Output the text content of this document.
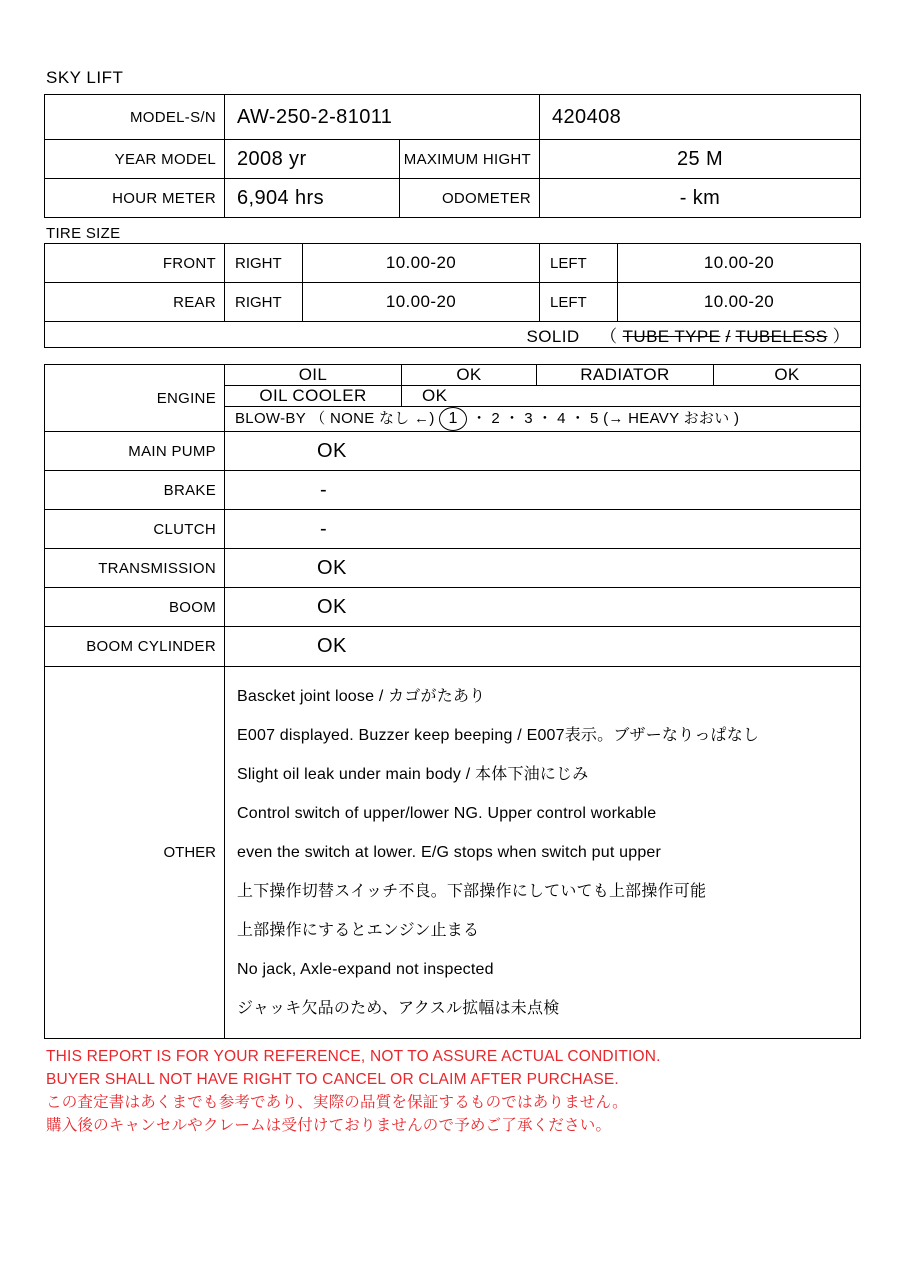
SKY LIFT
MODEL-S/N	AW-250-2-81011		420408
YEAR MODEL	2008 yr	MAXIMUM HIGHT	25 M
HOUR METER	6,904 hrs	ODOMETER	- km
TIRE SIZE
FRONT	RIGHT	10.00-20	LEFT	10.00-20
REAR	RIGHT	10.00-20	LEFT	10.00-20
SOLID （ TUBE TYPE / TUBELESS ）				
ENGINE	OIL	OK	RADIATOR	OK
	OIL COOLER	OK		
	BLOW-BY （ NONE なし ←) 1 ・ 2 ・ 3 ・ 4 ・ 5 (→ HEAVY おおい )			
MAIN PUMP	OK			
BRAKE	-			
CLUTCH	-			
TRANSMISSION	OK			
BOOM	OK			
BOOM CYLINDER	OK			
OTHER	
Bascket joint loose / カゴがたあり
E007 displayed. Buzzer keep beeping / E007表示。ブザーなりっぱなし
Slight oil leak under main body / 本体下油にじみ
Control switch of upper/lower NG. Upper control workable
even the switch at lower. E/G stops when switch put upper
上下操作切替スイッチ不良。下部操作にしていても上部操作可能
上部操作にするとエンジン止まる
No jack, Axle-expand not inspected
ジャッキ欠品のため、アクスル拡幅は未点検
THIS REPORT IS FOR YOUR REFERENCE, NOT TO ASSURE ACTUAL CONDITION.
BUYER SHALL NOT HAVE RIGHT TO CANCEL OR CLAIM AFTER PURCHASE.
この査定書はあくまでも参考であり、実際の品質を保証するものではありません。
購入後のキャンセルやクレームは受付けておりませんので予めご了承ください。
